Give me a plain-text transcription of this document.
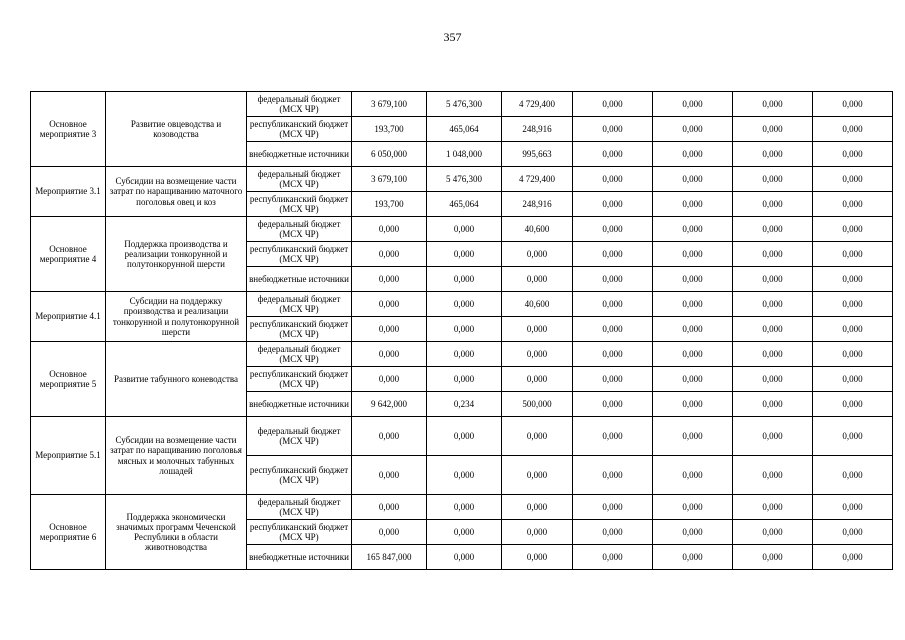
357
Основное мероприятие 3	Развитие овцеводства и козоводства	федеральный бюджет (МСХ ЧР)	3 679,100	5 476,300	4 729,400	0,000	0,000	0,000	0,000
		республиканский бюджет (МСХ ЧР)	193,700	465,064	248,916	0,000	0,000	0,000	0,000
		внебюджетные источники	6 050,000	1 048,000	995,663	0,000	0,000	0,000	0,000
Мероприятие 3.1	Субсидии на возмещение части затрат по наращиванию маточного поголовья овец и коз	федеральный бюджет (МСХ ЧР)	3 679,100	5 476,300	4 729,400	0,000	0,000	0,000	0,000
		республиканский бюджет (МСХ ЧР)	193,700	465,064	248,916	0,000	0,000	0,000	0,000
Основное мероприятие 4	Поддержка производства и реализации тонкорунной и полутонкорунной шерсти	федеральный бюджет (МСХ ЧР)	0,000	0,000	40,600	0,000	0,000	0,000	0,000
		республиканский бюджет (МСХ ЧР)	0,000	0,000	0,000	0,000	0,000	0,000	0,000
		внебюджетные источники	0,000	0,000	0,000	0,000	0,000	0,000	0,000
Мероприятие 4.1	Субсидии на поддержку производства и реализации тонкорунной и полутонкорунной шерсти	федеральный бюджет (МСХ ЧР)	0,000	0,000	40,600	0,000	0,000	0,000	0,000
		республиканский бюджет (МСХ ЧР)	0,000	0,000	0,000	0,000	0,000	0,000	0,000
Основное мероприятие 5	Развитие табунного коневодства	федеральный бюджет (МСХ ЧР)	0,000	0,000	0,000	0,000	0,000	0,000	0,000
		республиканский бюджет (МСХ ЧР)	0,000	0,000	0,000	0,000	0,000	0,000	0,000
		внебюджетные источники	9 642,000	0,234	500,000	0,000	0,000	0,000	0,000
Мероприятие 5.1	Субсидии на возмещение части затрат по наращиванию поголовья мясных и молочных табунных лошадей	федеральный бюджет (МСХ ЧР)	0,000	0,000	0,000	0,000	0,000	0,000	0,000
		республиканский бюджет (МСХ ЧР)	0,000	0,000	0,000	0,000	0,000	0,000	0,000
Основное мероприятие 6	Поддержка экономически значимых программ Чеченской Республики в области животноводства	федеральный бюджет (МСХ ЧР)	0,000	0,000	0,000	0,000	0,000	0,000	0,000
		республиканский бюджет (МСХ ЧР)	0,000	0,000	0,000	0,000	0,000	0,000	0,000
		внебюджетные источники	165 847,000	0,000	0,000	0,000	0,000	0,000	0,000
